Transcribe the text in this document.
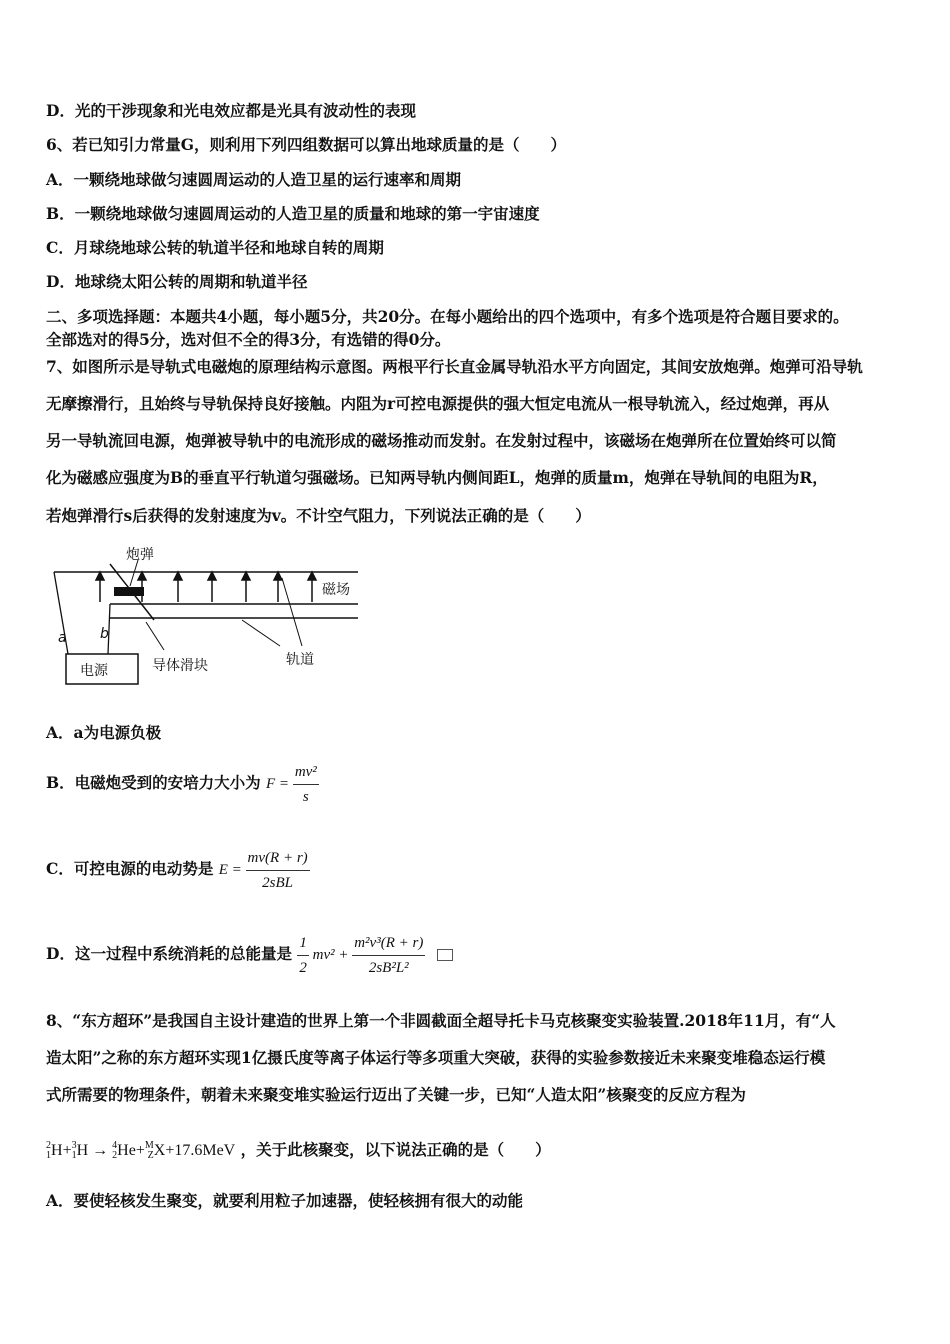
D．光的干涉现象和光电效应都是光具有波动性的表现
6、若已知引力常量G，则利用下列四组数据可以算出地球质量的是（　　）
A．一颗绕地球做匀速圆周运动的人造卫星的运行速率和周期
B．一颗绕地球做匀速圆周运动的人造卫星的质量和地球的第一宇宙速度
C．月球绕地球公转的轨道半径和地球自转的周期
D．地球绕太阳公转的周期和轨道半径
二、多项选择题：本题共4小题，每小题5分，共20分。在每小题给出的四个选项中，有多个选项是符合题目要求的。
全部选对的得5分，选对但不全的得3分，有选错的得0分。
7、如图所示是导轨式电磁炮的原理结构示意图。两根平行长直金属导轨沿水平方向固定，其间安放炮弹。炮弹可沿导轨
无摩擦滑行，且始终与导轨保持良好接触。内阻为r可控电源提供的强大恒定电流从一根导轨流入，经过炮弹，再从
另一导轨流回电源，炮弹被导轨中的电流形成的磁场推动而发射。在发射过程中，该磁场在炮弹所在位置始终可以简
化为磁感应强度为B的垂直平行轨道匀强磁场。已知两导轨内侧间距L，炮弹的质量m，炮弹在导轨间的电阻为R，
若炮弹滑行s后获得的发射速度为v。不计空气阻力，下列说法正确的是（　　）
电源
炮弹
磁场
a b
导体滑块	轨道
A．a为电源负极
B．电磁炮受到的安培力大小为 $F = \frac{\text{mv²}}{s}$
C．可控电源的电动势是 $E = \frac{mv(R + r)}{\text{2sBL}}$
D．这一过程中系统消耗的总能量是 $\frac{1}{2} mv^2 + \frac{\text{m²v³(R + r)}}{\text{2sB²L²}}$

8、“东方超环”是我国自主设计建造的世界上第一个非圆截面全超导托卡马克核聚变实验装置.2018年11月，有“人
造太阳”之称的东方超环实现1亿摄氏度等离子体运行等多项重大突破，获得的实验参数接近未来聚变堆稳态运行模
式所需要的物理条件，朝着未来聚变堆实验运行迈出了关键一步，已知“人造太阳”核聚变的反应方程为
2
1 H+ 3
1 H → 4
2 He+ M
Z X+17.6MeV ，关于此核聚变，以下说法正确的是（　　）
A．要使轻核发生聚变，就要利用粒子加速器，使轻核拥有很大的动能
